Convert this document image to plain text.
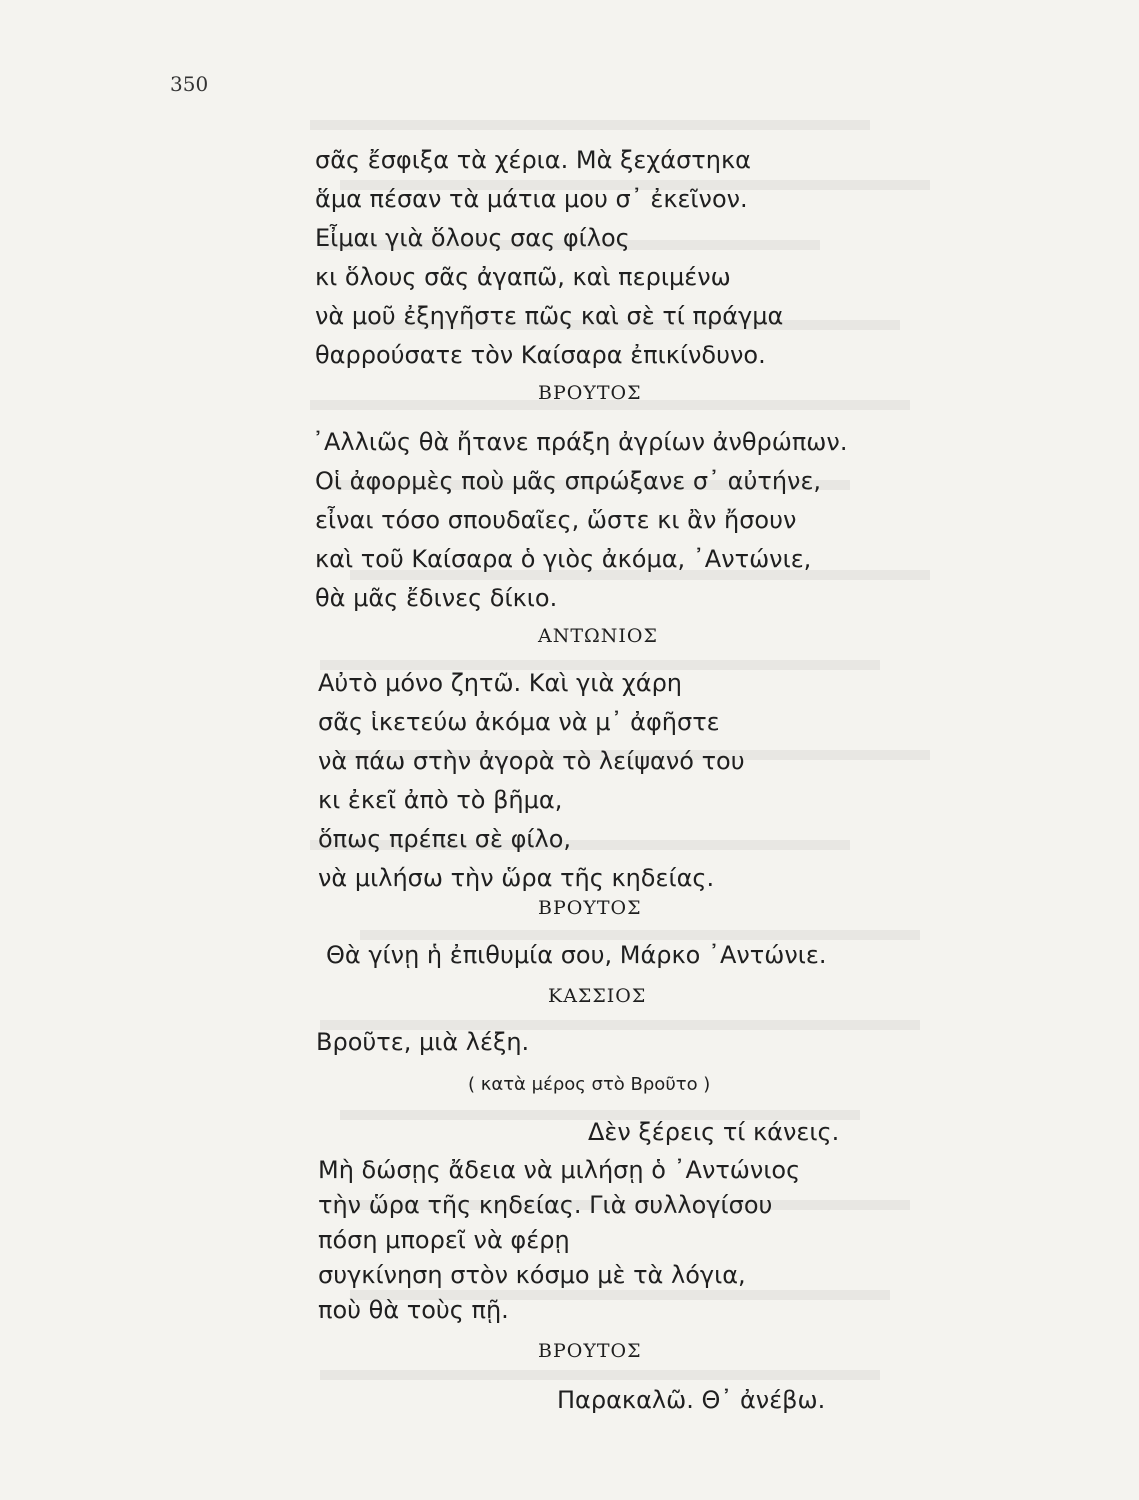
350
σᾶς ἔσφιξα τὰ χέρια. Μὰ ξεχάστηκα
ἅμα πέσαν τὰ μάτια μου σ᾽ ἐκεῖνον.
Εἶμαι γιὰ ὅλους σας φίλος
κι ὅλους σᾶς ἀγαπῶ, καὶ περιμένω
νὰ μοῦ ἐξηγῆστε πῶς καὶ σὲ τί πράγμα
θαρρούσατε τὸν Καίσαρα ἐπικίνδυνο.
ΒΡΟΥΤΟΣ
᾿Αλλιῶς θὰ ἤτανε πράξη ἀγρίων ἀνθρώπων.
Οἱ ἀφορμὲς ποὺ μᾶς σπρώξανε σ᾽ αὐτήνε,
εἶναι τόσο σπουδαῖες, ὥστε κι ἂν ἤσουν
καὶ τοῦ Καίσαρα ὁ γιὸς ἀκόμα, ᾿Αντώνιε,
θὰ μᾶς ἔδινες δίκιο.
ΑΝΤΩΝΙΟΣ
Αὐτὸ μόνο ζητῶ. Καὶ γιὰ χάρη
σᾶς ἱκετεύω ἀκόμα νὰ μ᾽ ἀφῆστε
νὰ πάω στὴν ἀγορὰ τὸ λείψανό του
κι ἐκεῖ ἀπὸ τὸ βῆμα,
ὅπως πρέπει σὲ φίλο,
νὰ μιλήσω τὴν ὥρα τῆς κηδείας.
ΒΡΟΥΤΟΣ
Θὰ γίνῃ ἡ ἐπιθυμία σου, Μάρκο ᾿Αντώνιε.
ΚΑΣΣΙΟΣ
Βροῦτε, μιὰ λέξη.
( κατὰ μέρος στὸ Βροῦτο )
Δὲν ξέρεις τί κάνεις.
Μὴ δώσῃς ἄδεια νὰ μιλήσῃ ὁ ᾿Αντώνιος
τὴν ὥρα τῆς κηδείας. Γιὰ συλλογίσου
πόση μπορεῖ νὰ φέρῃ
συγκίνηση στὸν κόσμο μὲ τὰ λόγια,
ποὺ θὰ τοὺς πῇ.
ΒΡΟΥΤΟΣ
Παρακαλῶ. Θ᾽ ἀνέβω.
